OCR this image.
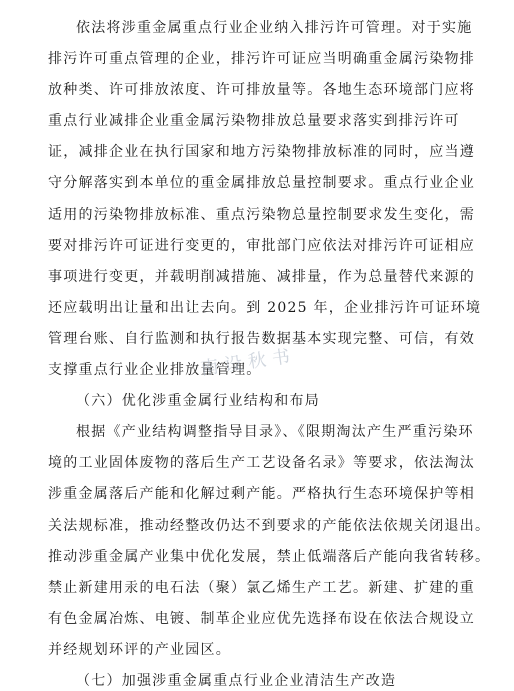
依法将涉重金属重点行业企业纳入排污许可管理。对于实施
排污许可重点管理的企业，排污许可证应当明确重金属污染物排
放种类、许可排放浓度、许可排放量等。各地生态环境部门应将
重点行业减排企业重金属污染物排放总量要求落实到排污许可
证，减排企业在执行国家和地方污染物排放标准的同时，应当遵
守分解落实到本单位的重金属排放总量控制要求。重点行业企业
适用的污染物排放标准、重点污染物总量控制要求发生变化，需
要对排污许可证进行变更的，审批部门应依法对排污许可证相应
事项进行变更，并载明削减措施、减排量，作为总量替代来源的
还应载明出让量和出让去向。到 2025 年，企业排污许可证环境
管理台账、自行监测和执行报告数据基本实现完整、可信，有效
支撑重点行业企业排放量管理。
（六）优化涉重金属行业结构和布局
根据《产业结构调整指导目录》、《限期淘汰产生严重污染环
境的工业固体废物的落后生产工艺设备名录》等要求，依法淘汰
涉重金属落后产能和化解过剩产能。严格执行生态环境保护等相
关法规标准，推动经整改仍达不到要求的产能依法依规关闭退出。
推动涉重金属产业集中优化发展，禁止低端落后产能向我省转移。
禁止新建用汞的电石法（聚）氯乙烯生产工艺。新建、扩建的重
有色金属冶炼、电镀、制革企业应优先选择布设在依法合规设立
并经规划环评的产业园区。
（七）加强涉重金属重点行业企业清洁生产改造
南设秋书
